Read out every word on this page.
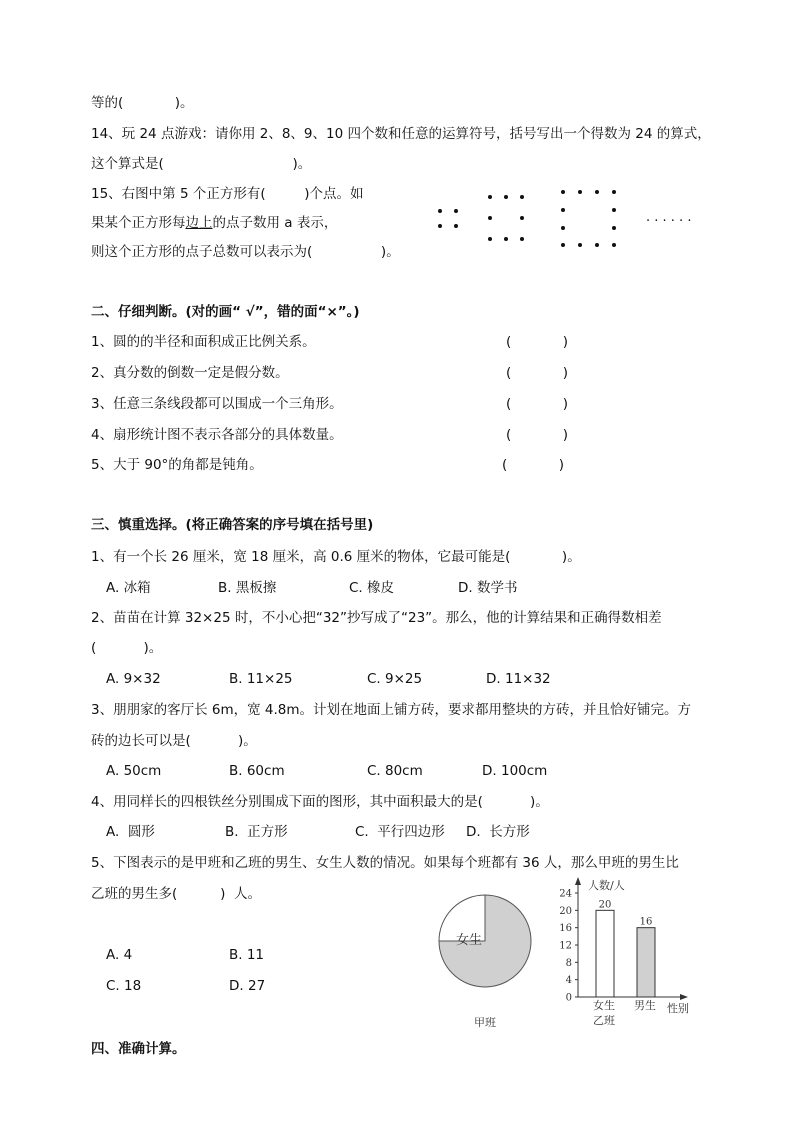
等的(            )。
14、玩 24 点游戏：请你用 2、8、9、10 四个数和任意的运算符号，括号写出一个得数为 24 的算式，
这个算式是(                              )。
15、右图中第 5 个正方形有(         )个点。如
果某个正方形每边上的点子数用 a 表示，
则这个正方形的点子总数可以表示为(                )。
· · · · · ·
二、仔细判断。(对的画“ √”，错的面“×”。)
1、圆的的半径和面积成正比例关系。	(            )
2、真分数的倒数一定是假分数。	(            )
3、任意三条线段都可以围成一个三角形。	(            )
4、扇形统计图不表示各部分的具体数量。	(            )
5、大于 90°的角都是钝角。	(            )
三、慎重选择。(将正确答案的序号填在括号里)
1、有一个长 26 厘米，宽 18 厘米，高 0.6 厘米的物体，它最可能是(            )。
A. 冰箱	B. 黑板擦	C. 橡皮	D. 数学书
2、苗苗在计算 32×25 时，不小心把“32”抄写成了“23”。那么，他的计算结果和正确得数相差
(           )。
A. 9×32	B. 11×25	C. 9×25	D. 11×32
3、朋朋家的客厅长 6m，宽 4.8m。计划在地面上铺方砖，要求都用整块的方砖，并且恰好铺完。方
砖的边长可以是(           )。
A. 50cm	B. 60cm	C. 80cm	D. 100cm
4、用同样长的四根铁丝分别围成下面的图形，其中面积最大的是(           )。
A.  圆形	B.  正方形	C.  平行四边形 D.  长方形
5、下图表示的是甲班和乙班的男生、女生人数的情况。如果每个班都有 36 人，那么甲班的男生比
乙班的男生多(          )  人。
A. 4	B. 11
C. 18	D. 27
女生
甲班
0
4
8
12
16
20
24
20
16
人数/人
性别
女生 男生
乙班
四、准确计算。
